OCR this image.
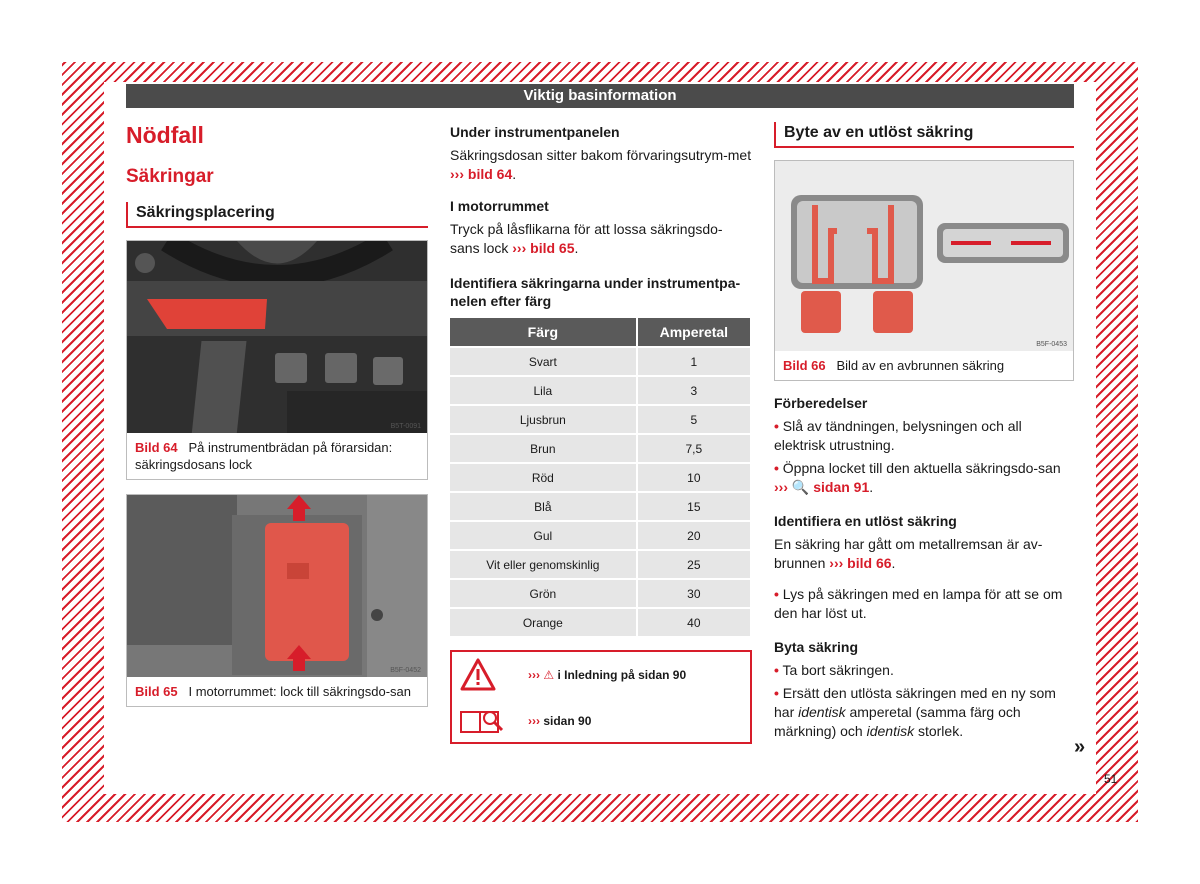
Viktig basinformation
Nödfall
Säkringar
Säkringsplacering
B5T-0091
Bild 64 På instrumentbrädan på förarsidan: säkringsdosans lock
B5F-0452
Bild 65 I motorrummet: lock till säkringsdo-san
Under instrumentpanelen
Säkringsdosan sitter bakom förvaringsutrym-met ››› bild 64.
I motorrummet
Tryck på låsflikarna för att lossa säkringsdo-sans lock ››› bild 65.
Identifiera säkringarna under instrumentpa-nelen efter färg
Färg	Amperetal
Svart	1
Lila	3
Ljusbrun	5
Brun	7,5
Röd	10
Blå	15
Gul	20
Vit eller genomskinlig	25
Grön	30
Orange	40
››› ⚠ i Inledning på sidan 90
››› sidan 90
Byte av en utlöst säkring
B5F-0453
Bild 66 Bild av en avbrunnen säkring
Förberedelser
• Slå av tändningen, belysningen och all elektrisk utrustning.
• Öppna locket till den aktuella säkringsdo-san ››› 🔍 sidan 91.
Identifiera en utlöst säkring
En säkring har gått om metallremsan är av-brunnen ››› bild 66.
• Lys på säkringen med en lampa för att se om den har löst ut.
Byta säkring
• Ta bort säkringen.
• Ersätt den utlösta säkringen med en ny som har identisk amperetal (samma färg och märkning) och identisk storlek.
»
51
